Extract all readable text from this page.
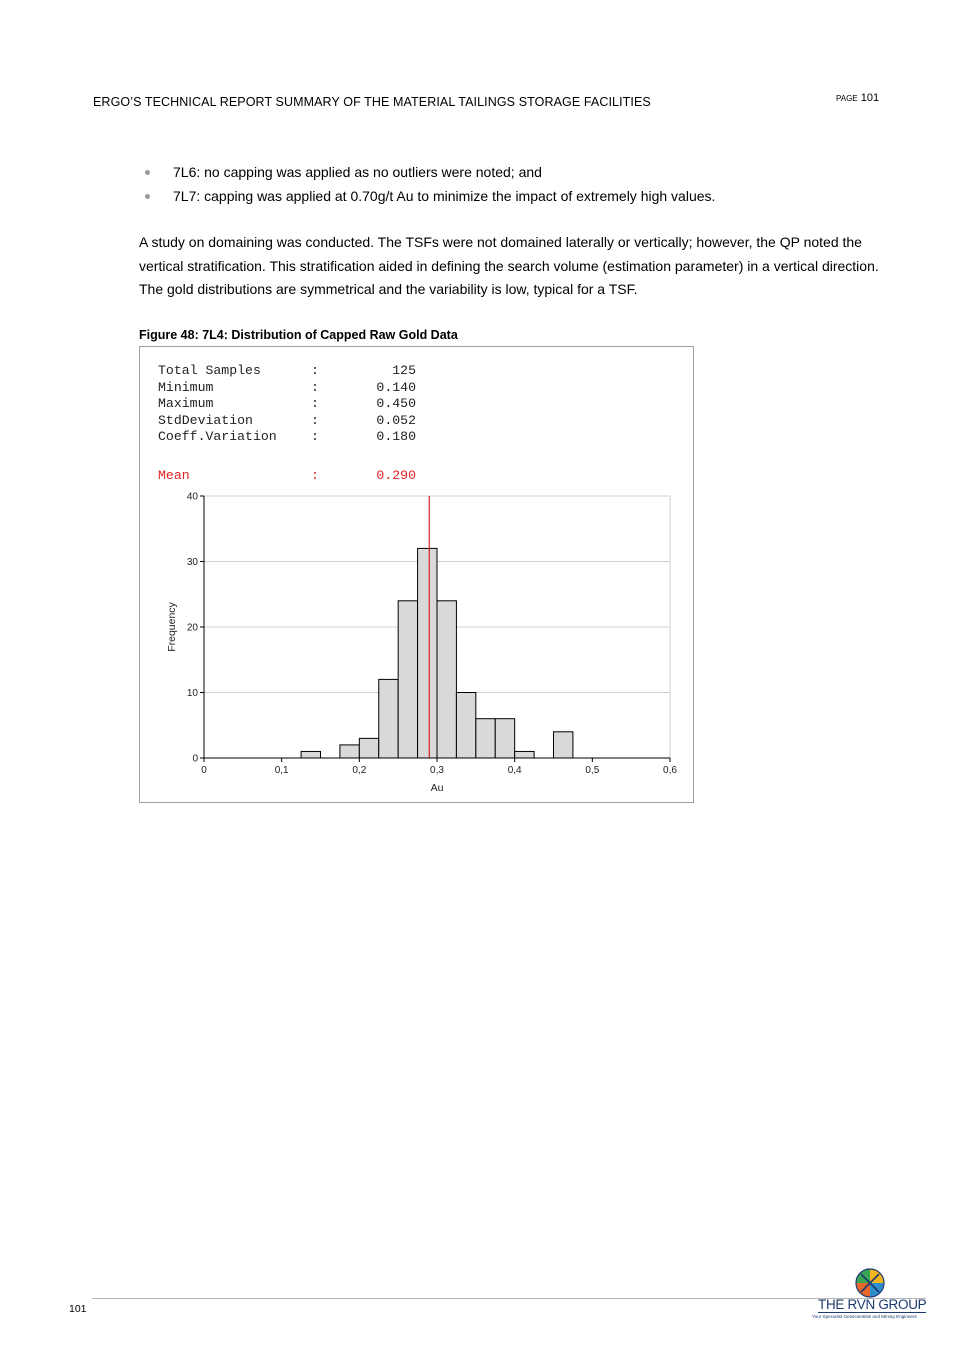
ERGO’S TECHNICAL REPORT SUMMARY OF THE MATERIAL TAILINGS STORAGE FACILITIES	PAGE 101
7L6: no capping was applied as no outliers were noted; and
7L7: capping was applied at 0.70g/t Au to minimize the impact of extremely high values.

A study on domaining was conducted. The TSFs were not domained laterally or vertically; however, the QP noted the vertical stratification. This stratification aided in defining the search volume (estimation parameter) in a vertical direction. The gold distributions are symmetrical and the variability is low, typical for a TSF.

Figure 48: 7L4: Distribution of Capped Raw Gold Data

Total Samples	:	125

Minimum	:	0.140

Maximum	:	0.450

StdDeviation	:	0.052

Coeff.Variation	:	0.180

Mean	:	0.290

0
10
20
30
40
0	0,1	0,2	0,3	0,4	0,5	0,6
Frequency
Au
101	THE RVN GROUP
Your Specialist Geoscientists and Mining Engineers
